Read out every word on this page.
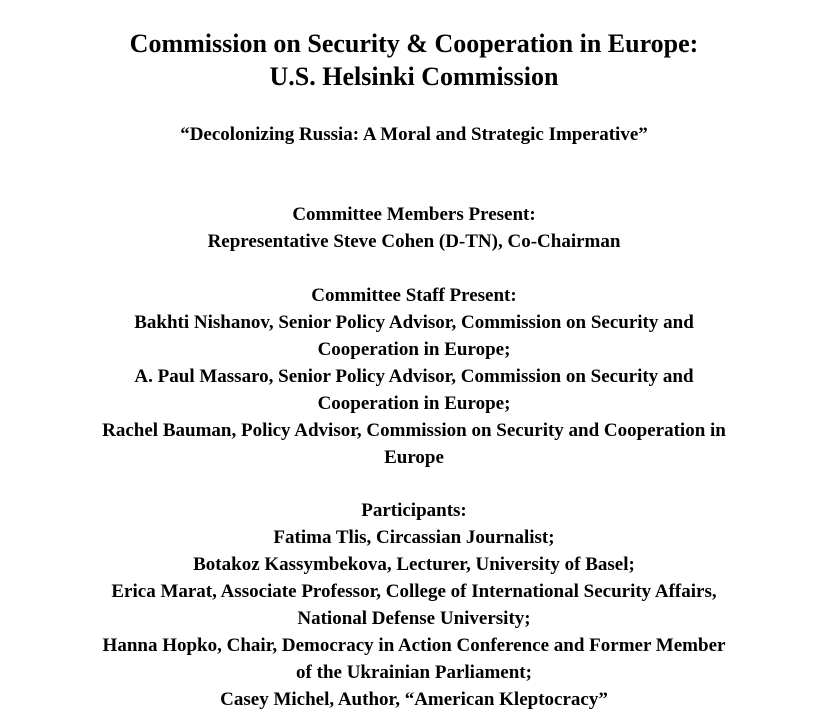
Commission on Security & Cooperation in Europe:
U.S. Helsinki Commission
“Decolonizing Russia: A Moral and Strategic Imperative”
Committee Members Present:
Representative Steve Cohen (D-TN), Co-Chairman
Committee Staff Present:
Bakhti Nishanov, Senior Policy Advisor, Commission on Security and
Cooperation in Europe;
A. Paul Massaro, Senior Policy Advisor, Commission on Security and
Cooperation in Europe;
Rachel Bauman, Policy Advisor, Commission on Security and Cooperation in
Europe
Participants:
Fatima Tlis, Circassian Journalist;
Botakoz Kassymbekova, Lecturer, University of Basel;
Erica Marat, Associate Professor, College of International Security Affairs,
National Defense University;
Hanna Hopko, Chair, Democracy in Action Conference and Former Member
of the Ukrainian Parliament;
Casey Michel, Author, “American Kleptocracy”
